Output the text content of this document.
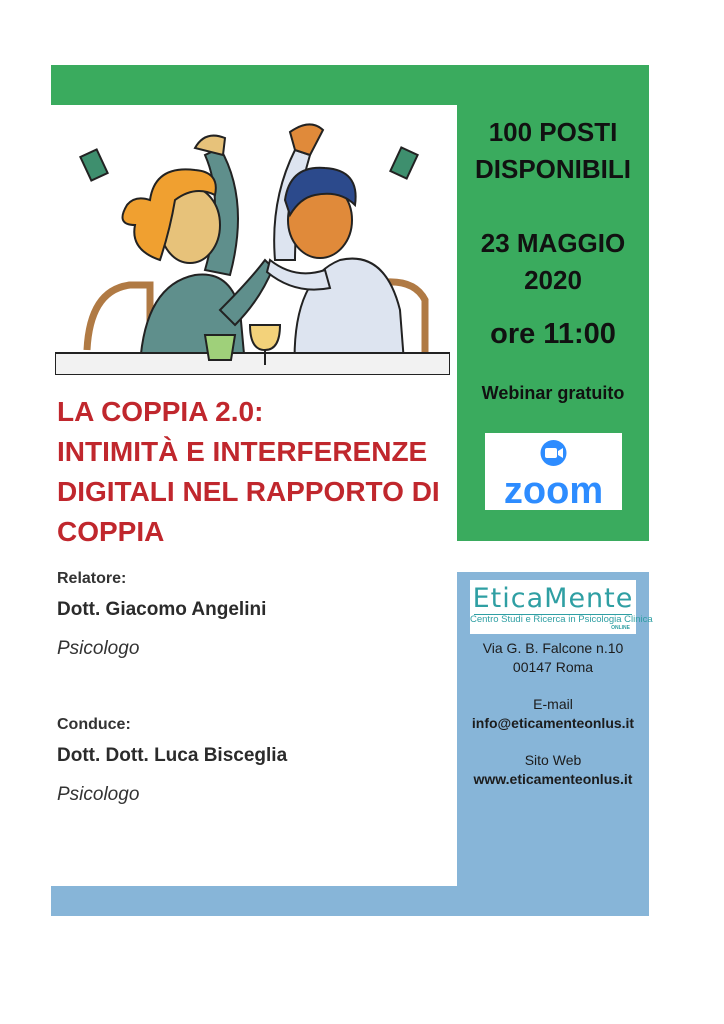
LA COPPIA 2.0:
INTIMITÀ E INTERFERENZE
DIGITALI NEL RAPPORTO DI
COPPIA
Relatore:
Dott. Giacomo Angelini
Psicologo
Conduce:
Dott. Dott. Luca Bisceglia
Psicologo
100 POSTI
DISPONIBILI
23 MAGGIO
2020
ore 11:00
Webinar gratuito
zoom
EticaMente
Centro Studi e Ricerca in Psicologia Clinica
ONLINE
Via G. B. Falcone n.10
00147 Roma
E-mail
info@eticamenteonlus.it
Sito Web
www.eticamenteonlus.it
